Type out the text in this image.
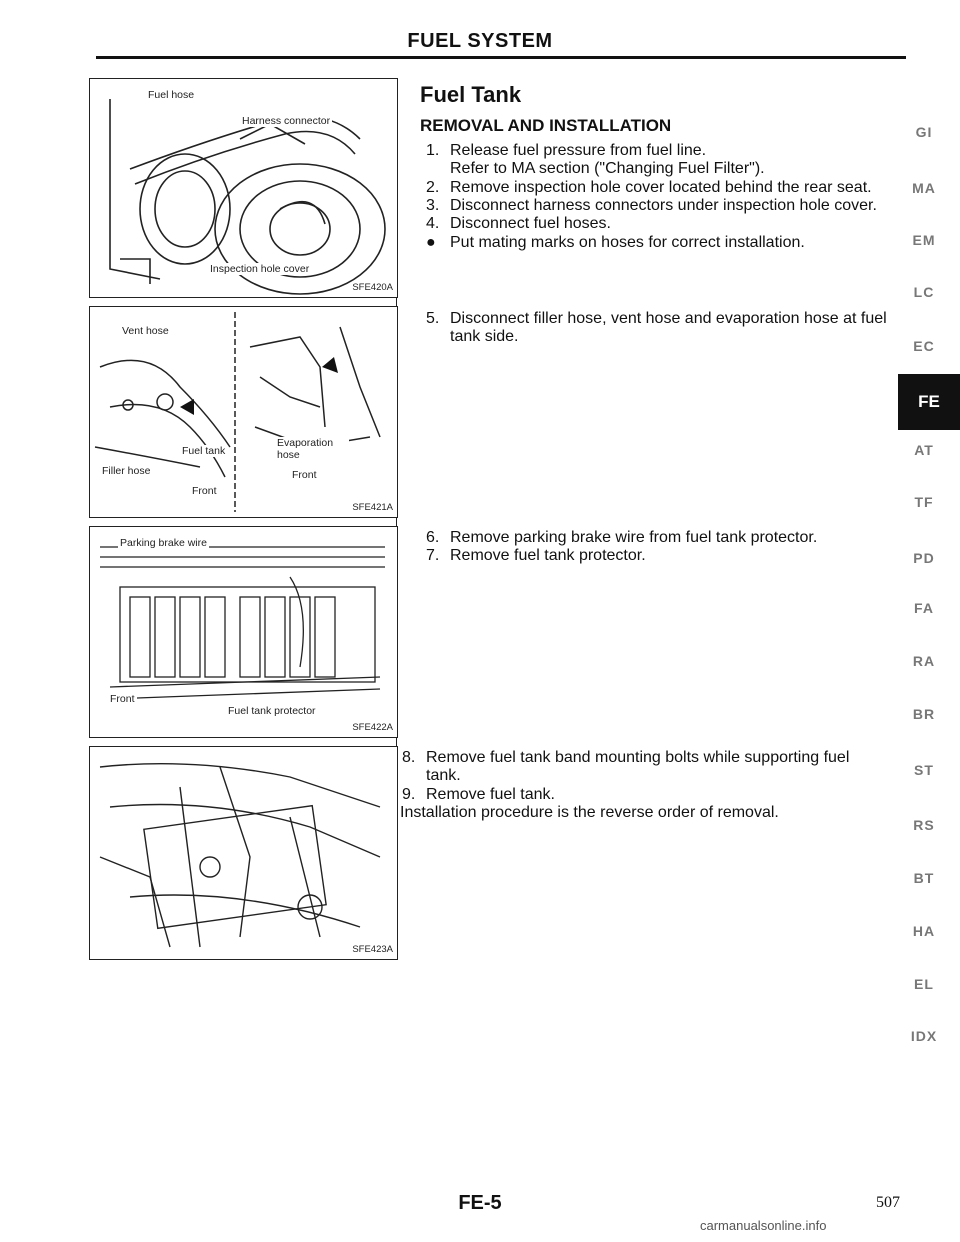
FUEL SYSTEM
Fuel hose
Harness connector
Inspection hole cover
SFE420A
Vent hose
Fuel tank
Filler hose
Front
Evaporation hose
Front
SFE421A
Parking brake wire
Front
Fuel tank protector
SFE422A
SFE423A
Fuel Tank
REMOVAL AND INSTALLATION
1. Release fuel pressure from fuel line.
Refer to MA section ("Changing Fuel Filter").
2. Remove inspection hole cover located behind the rear seat.
3. Disconnect harness connectors under inspection hole cover.
4. Disconnect fuel hoses.
● Put mating marks on hoses for correct installation.
5. Disconnect filler hose, vent hose and evaporation hose at fuel
tank side.
6. Remove parking brake wire from fuel tank protector.
7. Remove fuel tank protector.
8. Remove fuel tank band mounting bolts while supporting fuel
tank.
9. Remove fuel tank.
Installation procedure is the reverse order of removal.
GI
MA
EM
LC
EC
FE
AT
TF
PD
FA
RA
BR
ST
RS
BT
HA
EL
IDX
FE-5	507
carmanualsonline.info
